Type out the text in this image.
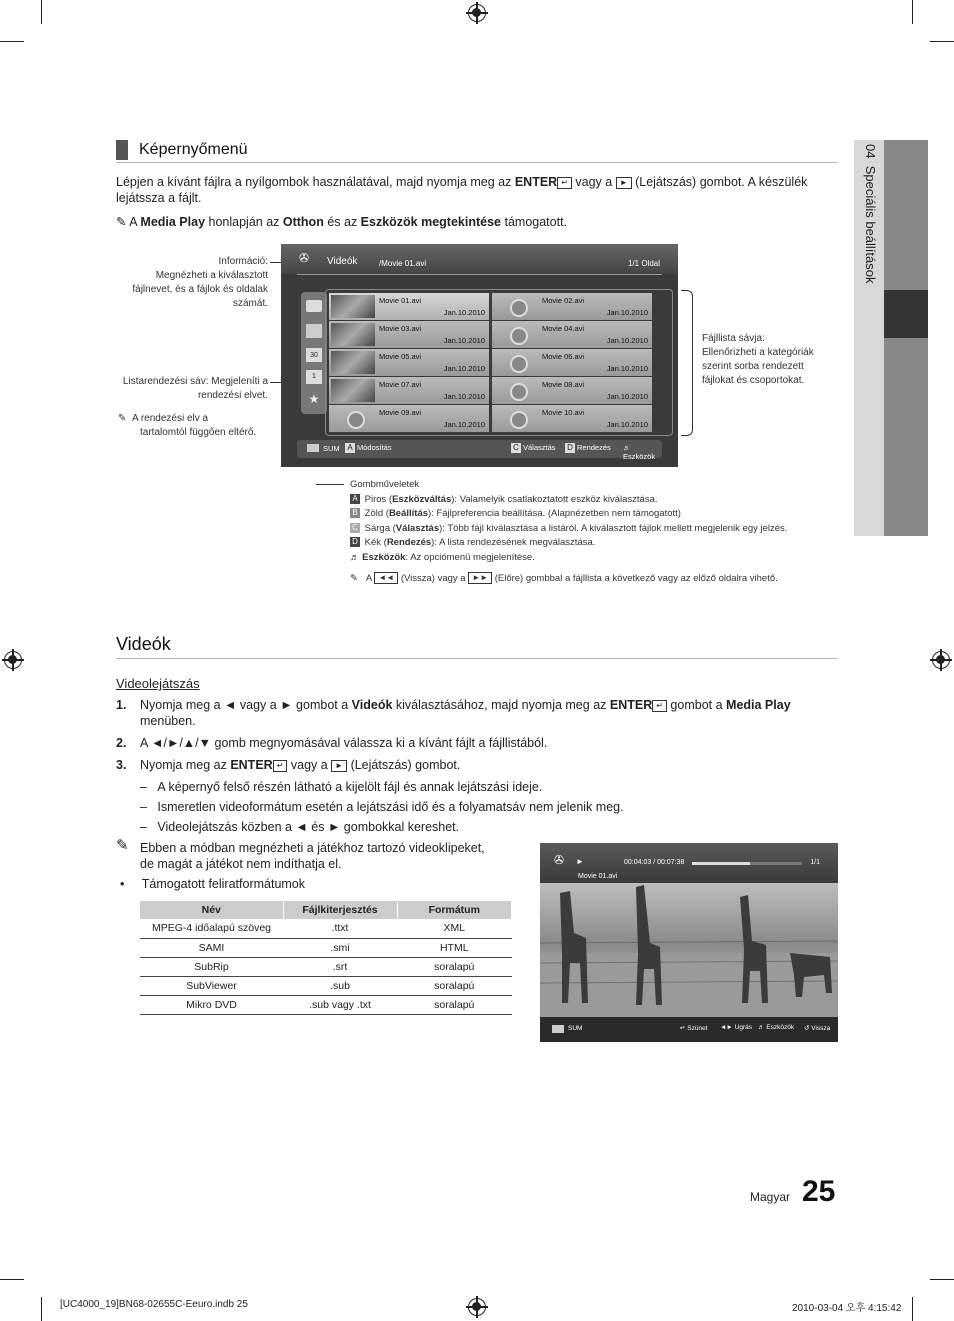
04  Speciális beállítások
Képernyőmenü
Lépjen a kívánt fájlra a nyílgombok használatával, majd nyomja meg az ENTER ↵ vagy a ► (Lejátszás) gombot. A készülék
lejátssza a fájlt.
✎ A Media Play honlapján az Otthon és az Eszközök megtekintése támogatott.
Információ:
Megnézheti a kiválasztott
fájlnevet, és a fájlok és oldalak
számát.
Listarendezési sáv: Megjeleníti a
rendezési elvet.
✎ A rendezési elv a
tartalomtól függően eltérő.
Fájllista sávja:
Ellenőrizheti a kategóriák
szerint sorba rendezett
fájlokat és csoportokat.
✇ Videók	/Movie 01.avi	1/1 Oldal
30
1
★
SUM A Módosítás	C Választás D Rendezés ♬ Eszközök
Movie 01.avi
Jan.10.2010
Movie 02.avi
Jan.10.2010
Movie 03.avi
Jan.10.2010
Movie 04.avi
Jan.10.2010
Movie 05.avi
Jan.10.2010
Movie 06.avi
Jan.10.2010
Movie 07.avi
Jan.10.2010
Movie 08.avi
Jan.10.2010
Movie 09.avi
Jan.10.2010
Movie 10.avi
Jan.10.2010
Gombműveletek
A Piros (Eszközváltás): Valamelyik csatlakoztatott eszköz kiválasztása.
B Zöld (Beállítás): Fájlpreferencia beállítása. (Alapnézetben nem támogatott)
C Sárga (Választás): Több fájl kiválasztása a listáról. A kiválasztott fájlok mellett megjelenik egy jelzés.
D Kék (Rendezés): A lista rendezésének megválasztása.
♬ Eszközök: Az opciómenü megjelenítése.
✎ A ◄◄ (Vissza) vagy a ►► (Előre) gombbal a fájllista a következő vagy az előző oldalra vihető.
Videók
Videolejátszás
1.	Nyomja meg a ◄ vagy a ► gombot a Videók kiválasztásához, majd nyomja meg az ENTER ↵ gombot a Media Play
menüben.
2.	A ◄/►/▲/▼ gomb megnyomásával válassza ki a kívánt fájlt a fájllistából.
3.	Nyomja meg az ENTER ↵ vagy a ► (Lejátszás) gombot.
–   A képernyő felső részén látható a kijelölt fájl és annak lejátszási ideje.
–   Ismeretlen videoformátum esetén a lejátszási idő és a folyamatsáv nem jelenik meg.
–   Videolejátszás közben a ◄ és ► gombokkal kereshet.
✎ Ebben a módban megnézheti a játékhoz tartozó videoklipeket,
de magát a játékot nem indíthatja el.
•     Támogatott feliratformátumok
Név	Fájlkiterjesztés	Formátum
MPEG-4 időalapú szöveg	.ttxt	XML
SAMI	.smi	HTML
SubRip	.srt	soralapú
SubViewer	.sub	soralapú
Mikro DVD	.sub vagy .txt	soralapú
✇ ►	00:04:03 / 00:07:38	1/1
Movie 01.avi
SUM	↵ Szünet ◄► Ugrás ♬ Eszközök ↺ Vissza
Magyar 25
[UC4000_19]BN68-02655C-Eeuro.indb 25	2010-03-04 오후 4:15:42
